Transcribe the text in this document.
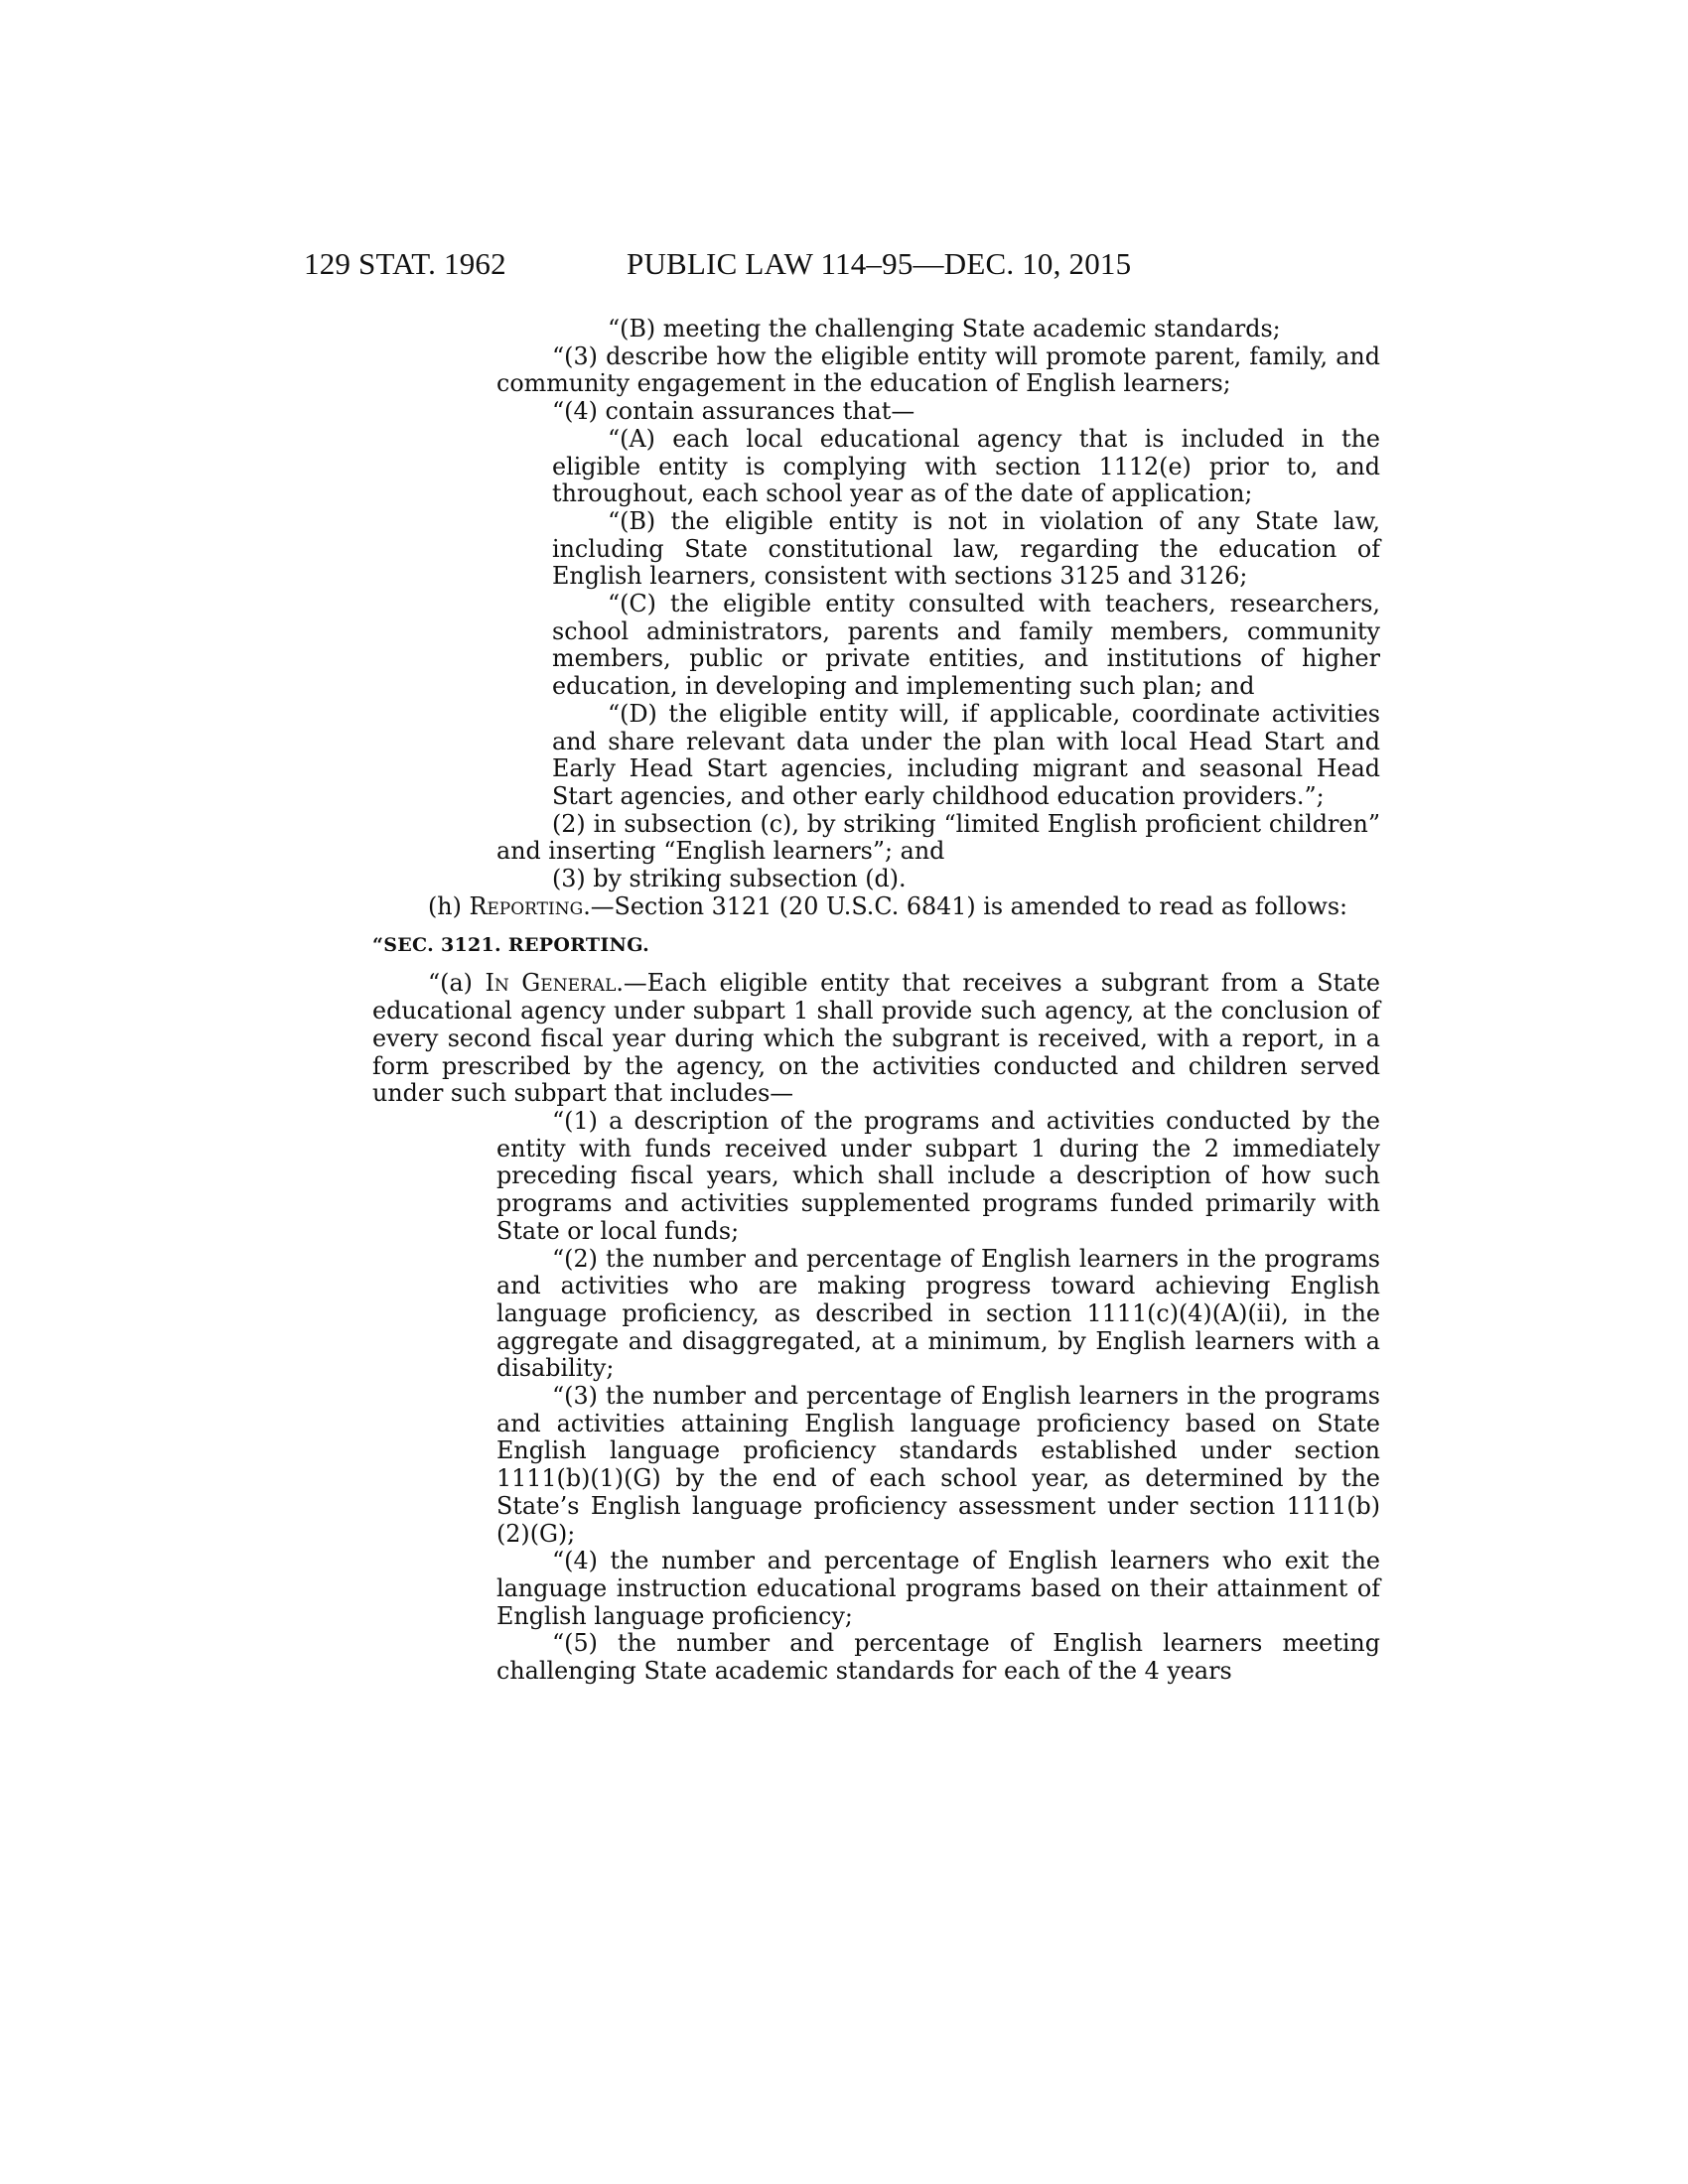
129 STAT. 1962	PUBLIC LAW 114–95—DEC. 10, 2015

“(B) meeting the challenging State academic standards;

“(3) describe how the eligible entity will promote parent, family, and community engagement in the education of English learners;

“(4) contain assurances that—

“(A) each local educational agency that is included in the eligible entity is complying with section 1112(e) prior to, and throughout, each school year as of the date of application;

“(B) the eligible entity is not in violation of any State law, including State constitutional law, regarding the education of English learners, consistent with sections 3125 and 3126;

“(C) the eligible entity consulted with teachers, researchers, school administrators, parents and family members, community members, public or private entities, and institutions of higher education, in developing and implementing such plan; and

“(D) the eligible entity will, if applicable, coordinate activities and share relevant data under the plan with local Head Start and Early Head Start agencies, including migrant and seasonal Head Start agencies, and other early childhood education providers.”;

(2) in subsection (c), by striking “limited English proficient children” and inserting “English learners”; and

(3) by striking subsection (d).

(h) Reporting.—Section 3121 (20 U.S.C. 6841) is amended to read as follows:

“SEC. 3121. REPORTING.

“(a) In General.—Each eligible entity that receives a subgrant from a State educational agency under subpart 1 shall provide such agency, at the conclusion of every second fiscal year during which the subgrant is received, with a report, in a form prescribed by the agency, on the activities conducted and children served under such subpart that includes—

“(1) a description of the programs and activities conducted by the entity with funds received under subpart 1 during the 2 immediately preceding fiscal years, which shall include a description of how such programs and activities supplemented programs funded primarily with State or local funds;

“(2) the number and percentage of English learners in the programs and activities who are making progress toward achieving English language proficiency, as described in section 1111(c)(4)(A)(ii), in the aggregate and disaggregated, at a minimum, by English learners with a disability;

“(3) the number and percentage of English learners in the programs and activities attaining English language proficiency based on State English language proficiency standards established under section 1111(b)(1)(G) by the end of each school year, as determined by the State’s English language proficiency assessment under section 1111(b)(2)(G);

“(4) the number and percentage of English learners who exit the language instruction educational programs based on their attainment of English language proficiency;

“(5) the number and percentage of English learners meeting challenging State academic standards for each of the 4 years
